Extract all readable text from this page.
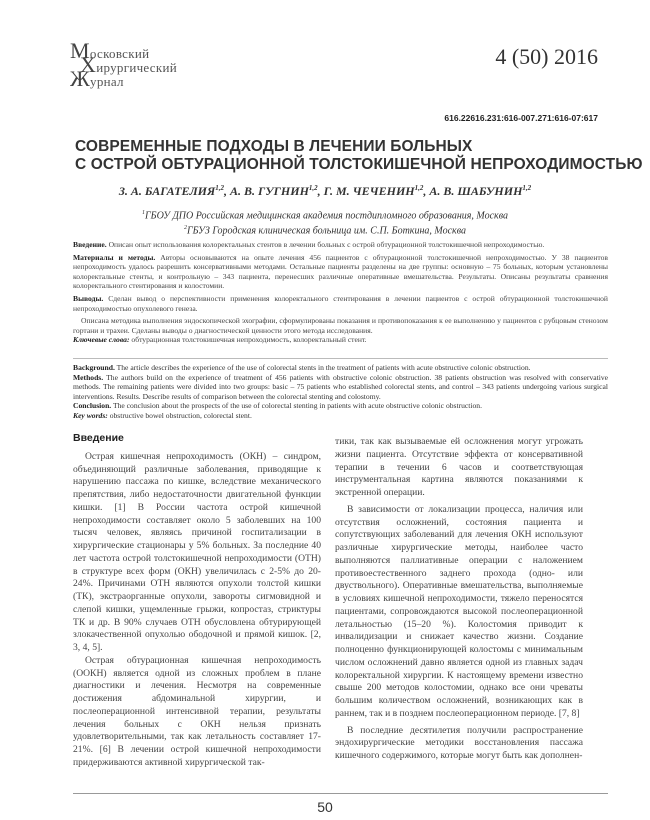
Московский
Хирургический
Журнал
4 (50) 2016
616.22616.231:616-007.271:616-07:617
СОВРЕМЕННЫЕ ПОДХОДЫ В ЛЕЧЕНИИ БОЛЬНЫХ
С ОСТРОЙ ОБТУРАЦИОННОЙ ТОЛСТОКИШЕЧНОЙ НЕПРОХОДИМОСТЬЮ
З. А. БАГАТЕЛИЯ$^{1,2}$, А. В. ГУГНИН$^{1,2}$, Г. М. ЧЕЧЕНИН$^{1,2}$, А. В. ШАБУНИН$^{1,2}$
$^1$ГБОУ ДПО Российская медицинская академия постдипломного образования, Москва
$^2$ГБУЗ Городская клиническая больница им. С.П. Боткина, Москва

Введение. Описан опыт использования колоректальных стентов в лечении больных с острой обтурационной толстокишечной непроходимостью.

Материалы и методы. Авторы основываются на опыте лечения 456 пациентов с обтурационной толстокишечной непроходимостью. У 38 пациентов непроходимость удалось разрешить консервативными методами. Остальные пациенты разделены на две группы: основную – 75 больных, которым установлены колоректальные стенты, и контрольную – 343 пациента, перенесших различные оперативные вмешательства. Результаты. Описаны результаты сравнения колоректального стентирования и колостомии.

Выводы. Сделан вывод о перспективности применения колоректального стентирования в лечении пациентов с острой обтурационной толстокишечной непроходимостью опухолевого генеза.

Описана методика выполнения эндоскопической эхографии, сформулированы показания и противопоказания к ее выполнению у пациентов с рубцовым стенозом гортани и трахеи. Сделаны выводы о диагностической ценности этого метода исследования.

Ключевые слова: обтурационная толстокишечная непроходимость, колоректальный стент.

Background. The article describes the experience of the use of colorectal stents in the treatment of patients with acute obstructive colonic obstruction.

Methods. The authors build on the experience of treatment of 456 patients with obstructive colonic obstruction. 38 patients obstruction was resolved with conservative methods. The remaining patients were divided into two groups: basic – 75 patients who established colorectal stents, and control – 343 patients undergoing various surgical interventions. Results. Describe results of comparison between the colorectal stenting and colostomy.

Conclusion. The conclusion about the prospects of the use of colorectal stenting in patients with acute obstructive colonic obstruction.

Key words: obstructive bowel obstruction, colorectal stent.

Введение

Острая кишечная непроходимость (ОКН) – синдром, объединяющий различные заболевания, приводящие к нарушению пассажа по кишке, вследствие механического препятствия, либо недостаточности двигательной функции кишки. [1] В России частота острой кишечной непроходимости составляет около 5 заболевших на 100 тысяч человек, являясь причиной госпитализации в хирургические стационары у 5% больных. За последние 40 лет частота острой толстокишечной непроходимости (ОТН) в структуре всех форм (ОКН) увеличилась с 2-5% до 20-24%. Причинами ОТН являются опухоли толстой кишки (ТК), экстраорганные опухоли, завороты сигмовидной и слепой кишки, ущемленные грыжи, копростаз, стриктуры ТК и др. В 90% случаев ОТН обусловлена обтурирующей злокачественной опухолью ободочной и прямой кишок. [2, 3, 4, 5].

Острая обтурационная кишечная непроходимость (ООКН) является одной из сложных проблем в плане диагностики и лечения. Несмотря на современные достижения абдоминальной хирургии, и послеоперационной интенсивной терапии, результаты лечения больных с ОКН нельзя признать удовлетворительными, так как летальность составляет 17-21%. [6] В лечении острой кишечной непроходимости придерживаются активной хирургической так-

тики, так как вызываемые ей осложнения могут угрожать жизни пациента. Отсутствие эффекта от консервативной терапии в течении 6 часов и соответствующая инструментальная картина являются показаниями к экстренной операции.

В зависимости от локализации процесса, наличия или отсутствия осложнений, состояния пациента и сопутствующих заболеваний для лечения ОКН используют различные хирургические методы, наиболее часто выполняются паллиативные операции с наложением противоестественного заднего прохода (одно- или двуствольного). Оперативные вмешательства, выполняемые в условиях кишечной непроходимости, тяжело переносятся пациентами, сопровождаются высокой послеоперационной летальностью (15–20 %). Колостомия приводит к инвалидизации и снижает качество жизни. Создание полноценно функционирующей колостомы с минимальным числом осложнений давно является одной из главных задач колоректальной хирургии. К настоящему времени известно свыше 200 методов колостомии, однако все они чреваты большим количеством осложнений, возникающих как в раннем, так и в позднем послеоперационном периоде. [7, 8]

В последние десятилетия получили распространение эндохирургические методики восстановления пассажа кишечного содержимого, которые могут быть как дополнен-

50
